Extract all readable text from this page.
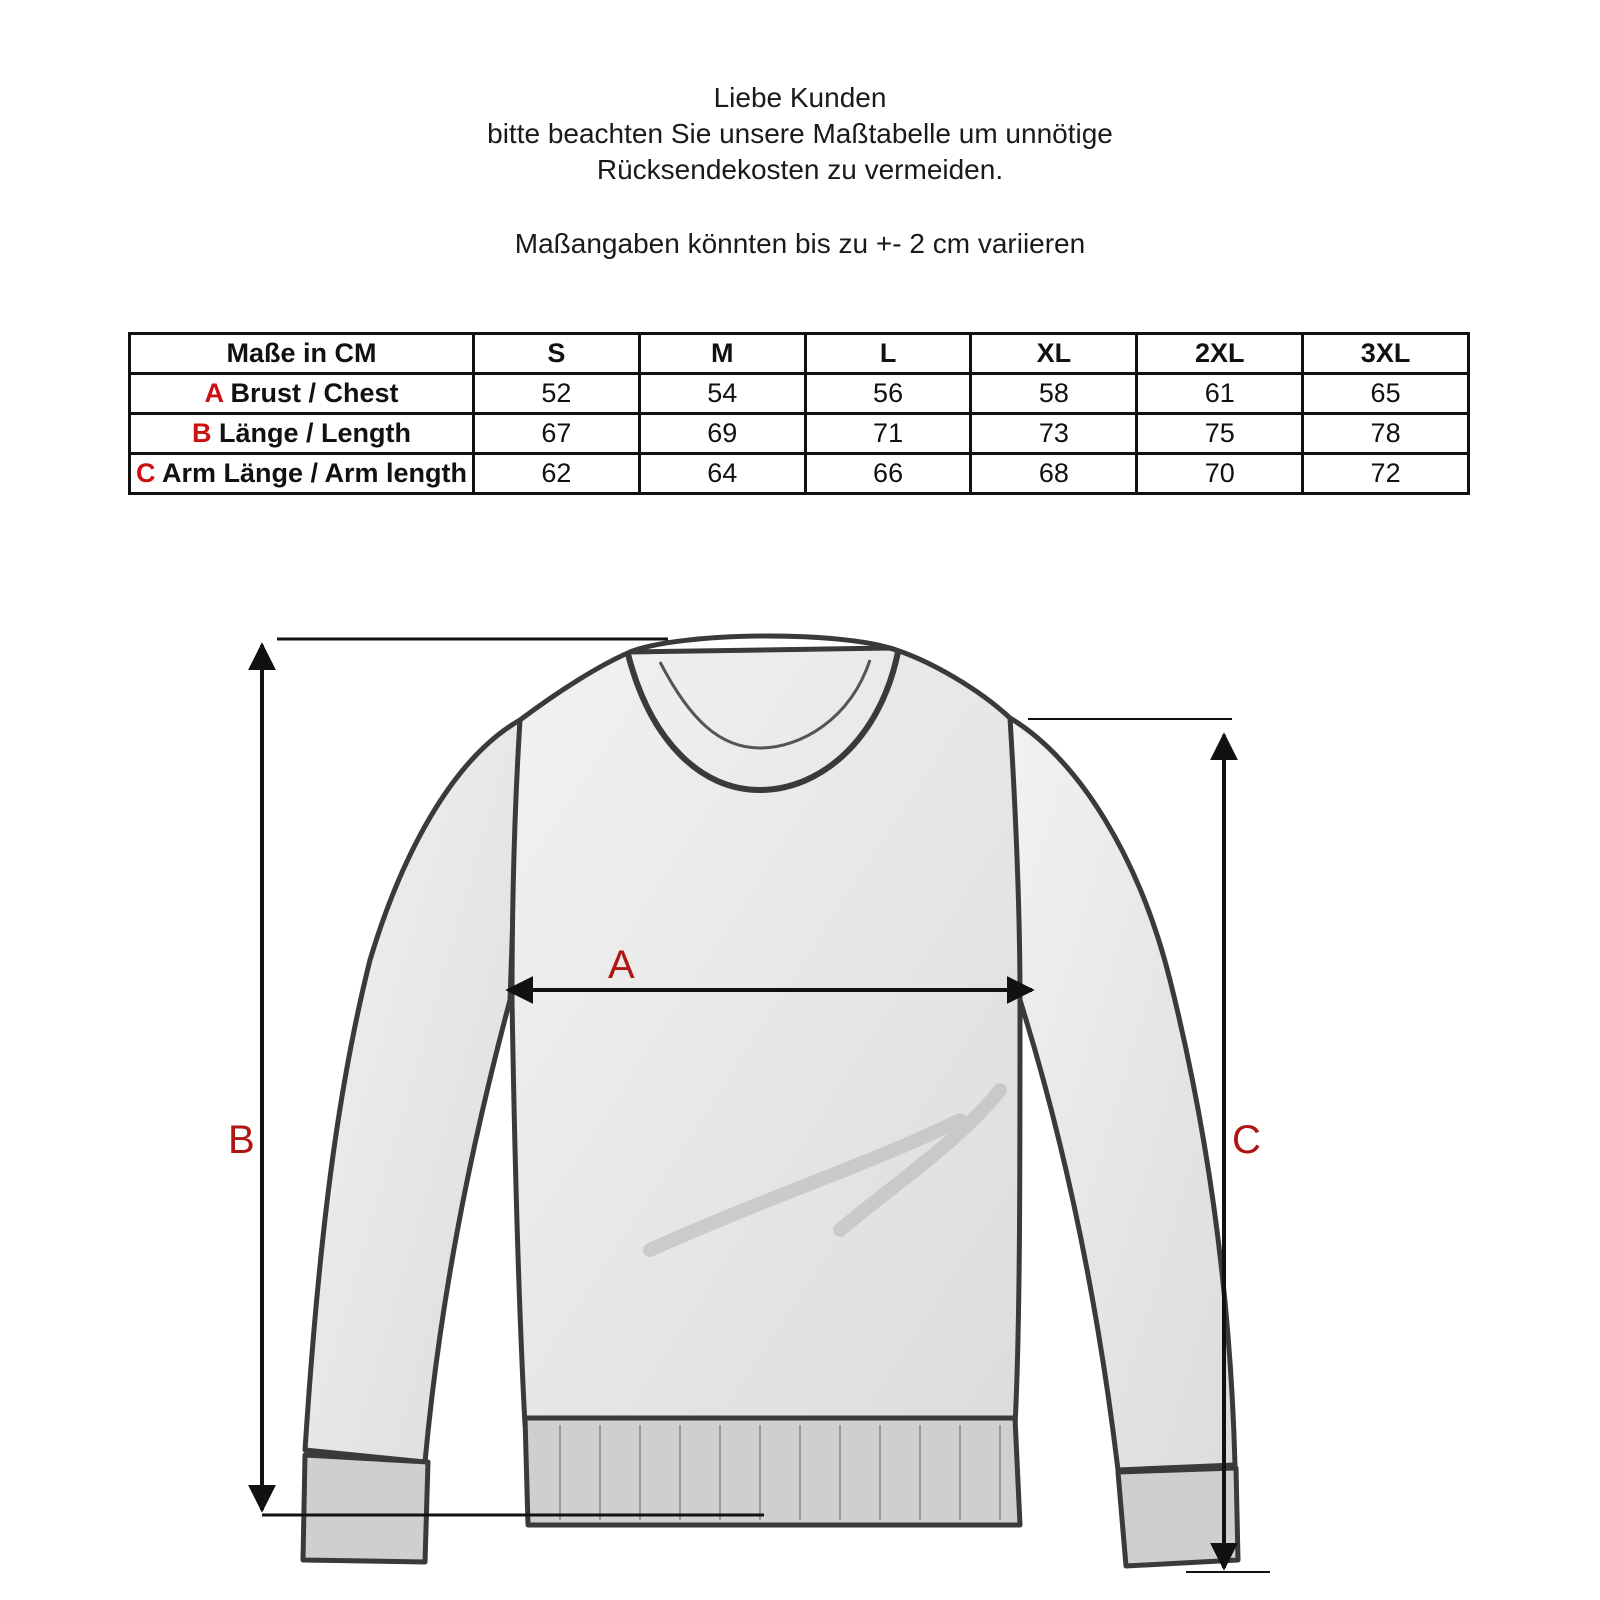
Liebe Kunden
bitte beachten Sie unsere Maßtabelle um unnötige
Rücksendekosten zu vermeiden.
Maßangaben könnten bis zu +- 2 cm variieren
Maße in CM	S	M	L	XL	2XL	3XL
A Brust / Chest	52	54	56	58	61	65
B Länge / Length	67	69	71	73	75	78
C Arm Länge / Arm length	62	64	66	68	70	72
A
B	C
